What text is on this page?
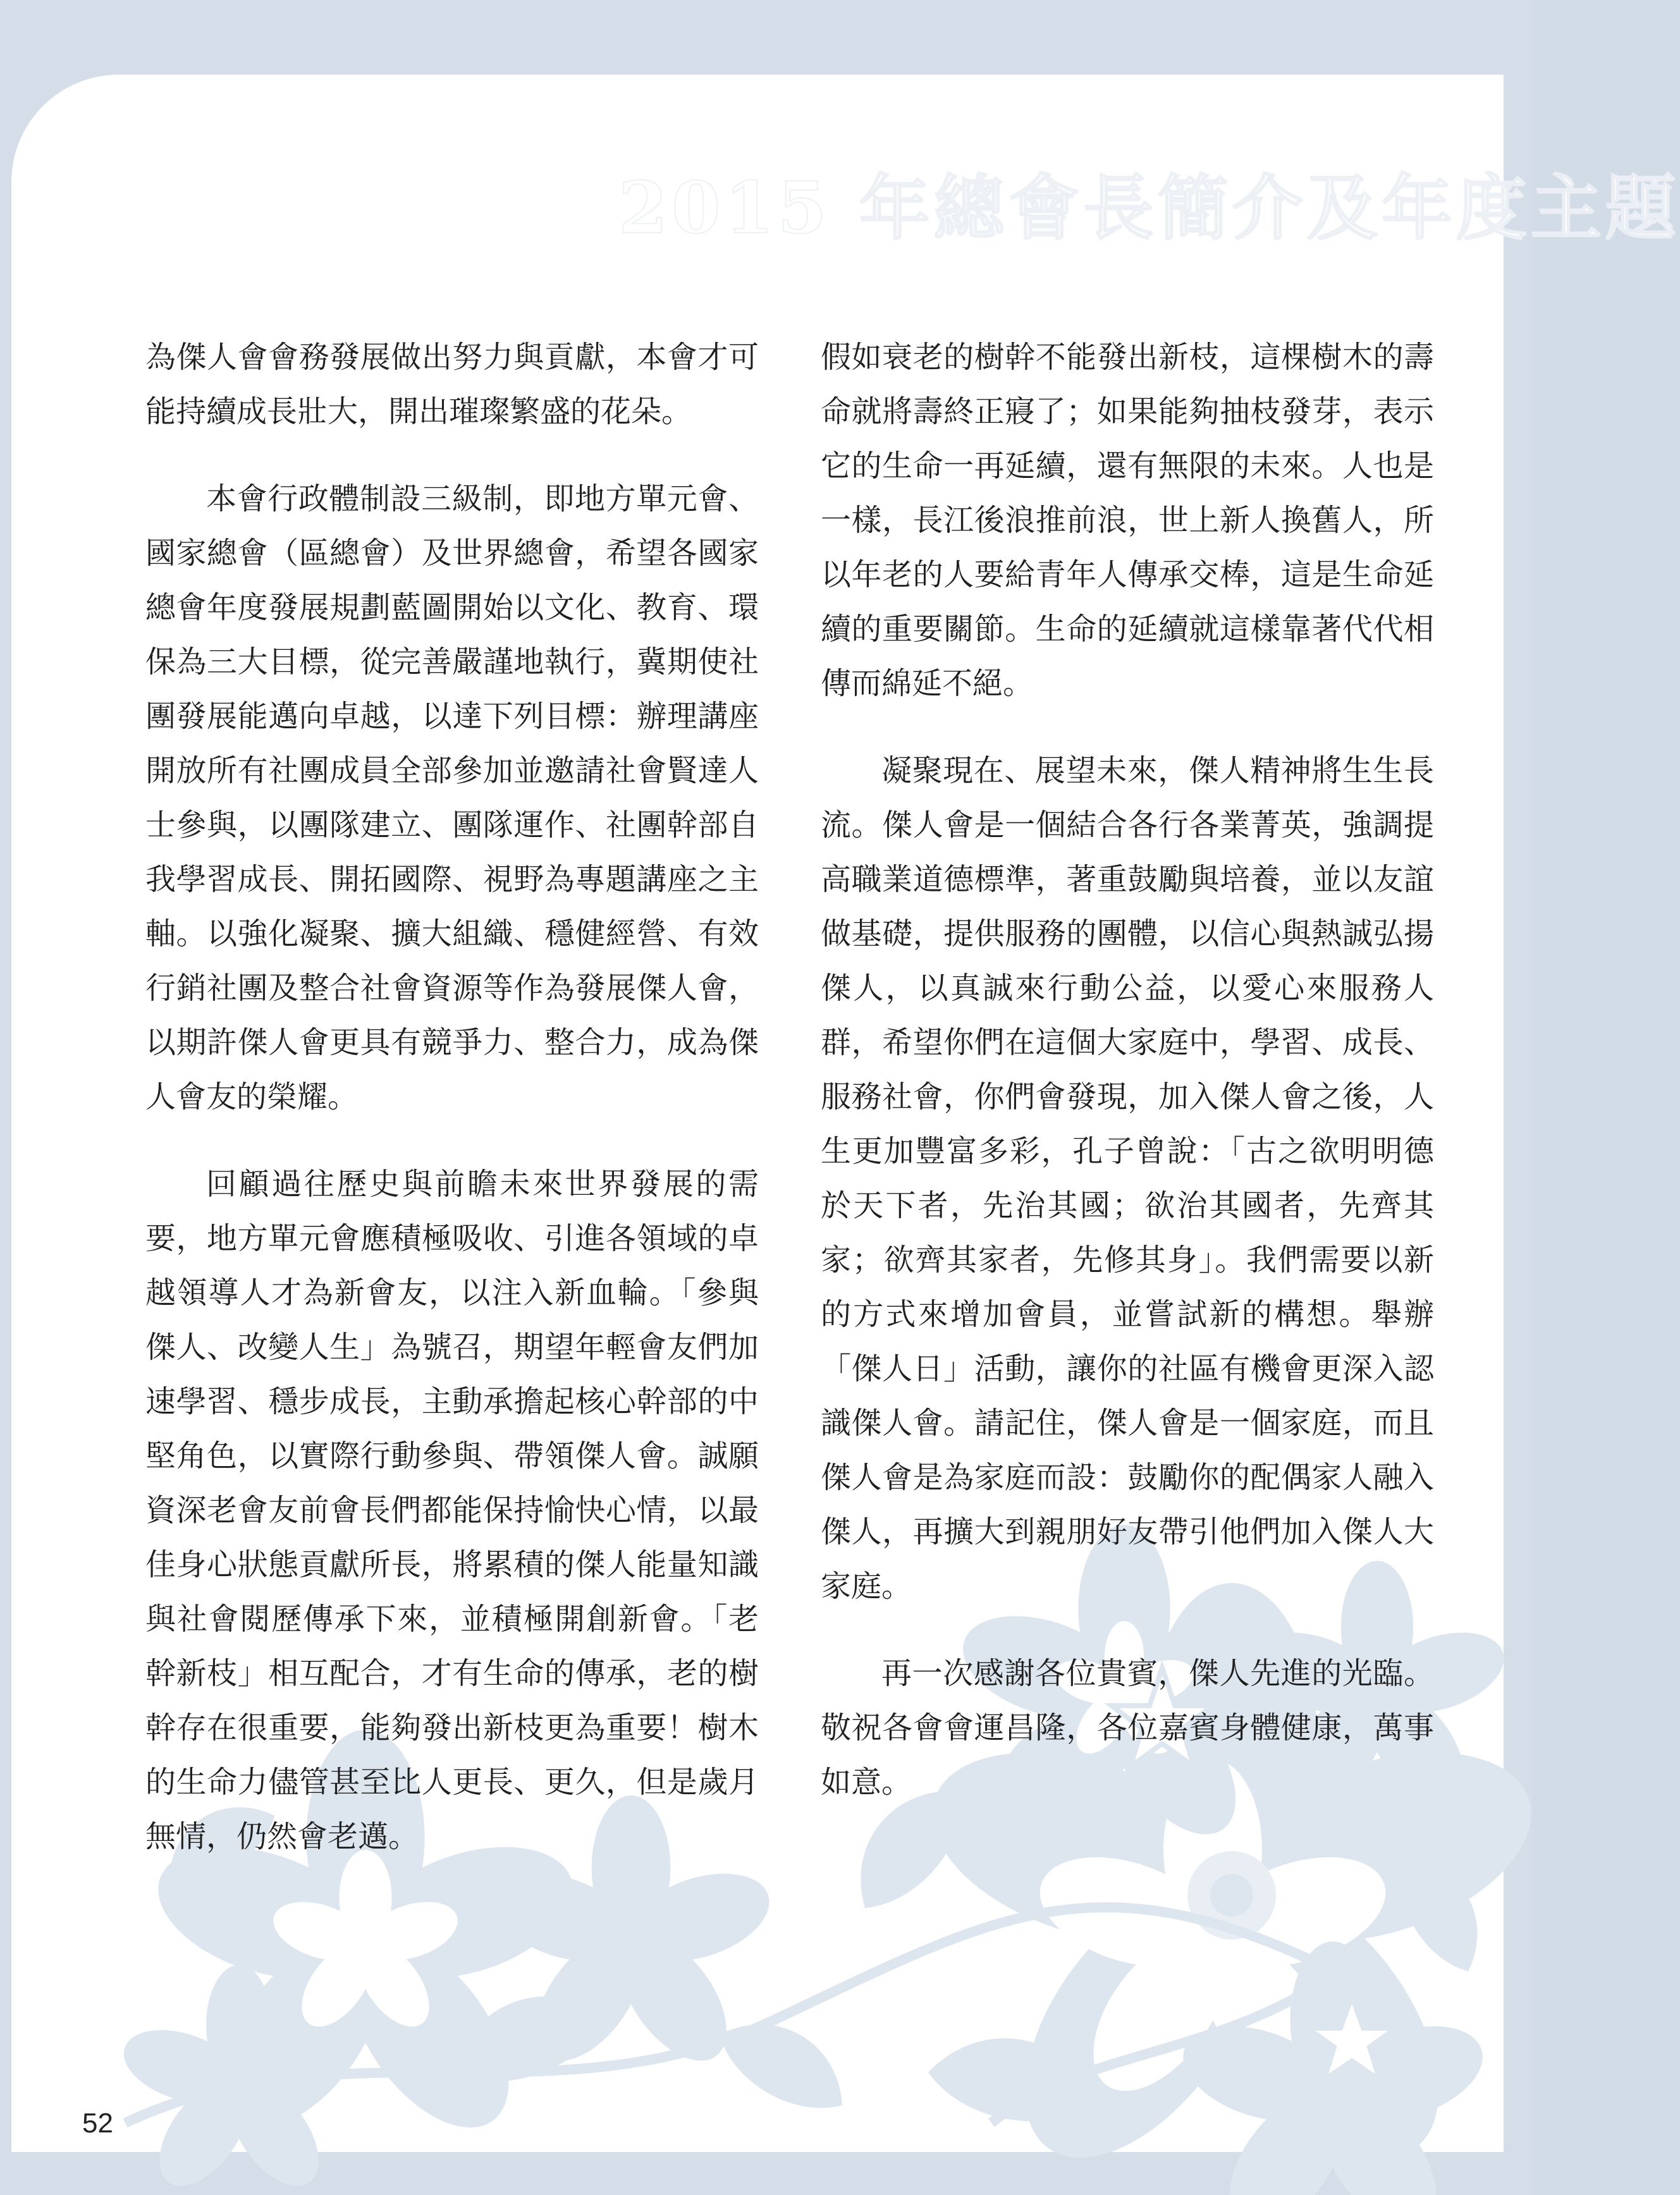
2015 年總會長簡介及年度主題

為傑人會會務發展做出努力與貢獻，本會才可能持續成長壯大，開出璀璨繁盛的花朵。

本會行政體制設三級制，即地方單元會、國家總會（區總會）及世界總會，希望各國家總會年度發展規劃藍圖開始以文化、教育、環保為三大目標，從完善嚴謹地執行，冀期使社團發展能邁向卓越，以達下列目標：辦理講座開放所有社團成員全部參加並邀請社會賢達人士參與，以團隊建立、團隊運作、社團幹部自我學習成長、開拓國際、視野為專題講座之主軸。以強化凝聚、擴大組織、穩健經營、有效行銷社團及整合社會資源等作為發展傑人會，以期許傑人會更具有競爭力、整合力，成為傑人會友的榮耀。

回顧過往歷史與前瞻未來世界發展的需要，地方單元會應積極吸收、引進各領域的卓越領導人才為新會友，以注入新血輪。「參與傑人、改變人生」為號召，期望年輕會友們加速學習、穩步成長，主動承擔起核心幹部的中堅角色，以實際行動參與、帶領傑人會。誠願資深老會友前會長們都能保持愉快心情，以最佳身心狀態貢獻所長，將累積的傑人能量知識與社會閱歷傳承下來，並積極開創新會。「老幹新枝」相互配合，才有生命的傳承，老的樹幹存在很重要，能夠發出新枝更為重要！樹木的生命力儘管甚至比人更長、更久，但是歲月無情，仍然會老邁。

假如衰老的樹幹不能發出新枝，這棵樹木的壽命就將壽終正寢了；如果能夠抽枝發芽，表示它的生命一再延續，還有無限的未來。人也是一樣，長江後浪推前浪，世上新人換舊人，所以年老的人要給青年人傳承交棒，這是生命延續的重要關節。生命的延續就這樣靠著代代相傳而綿延不絕。

凝聚現在、展望未來，傑人精神將生生長流。傑人會是一個結合各行各業菁英，強調提高職業道德標準，著重鼓勵與培養，並以友誼做基礎，提供服務的團體，以信心與熱誠弘揚傑人，以真誠來行動公益，以愛心來服務人群，希望你們在這個大家庭中，學習、成長、服務社會，你們會發現，加入傑人會之後，人生更加豐富多彩，孔子曾說：「古之欲明明德於天下者，先治其國；欲治其國者，先齊其家；欲齊其家者，先修其身」。我們需要以新的方式來增加會員，並嘗試新的構想。舉辦「傑人日」活動，讓你的社區有機會更深入認識傑人會。請記住，傑人會是一個家庭，而且傑人會是為家庭而設：鼓勵你的配偶家人融入傑人，再擴大到親朋好友帶引他們加入傑人大家庭。

再一次感謝各位貴賓，傑人先進的光臨。敬祝各會會運昌隆，各位嘉賓身體健康，萬事如意。

52
